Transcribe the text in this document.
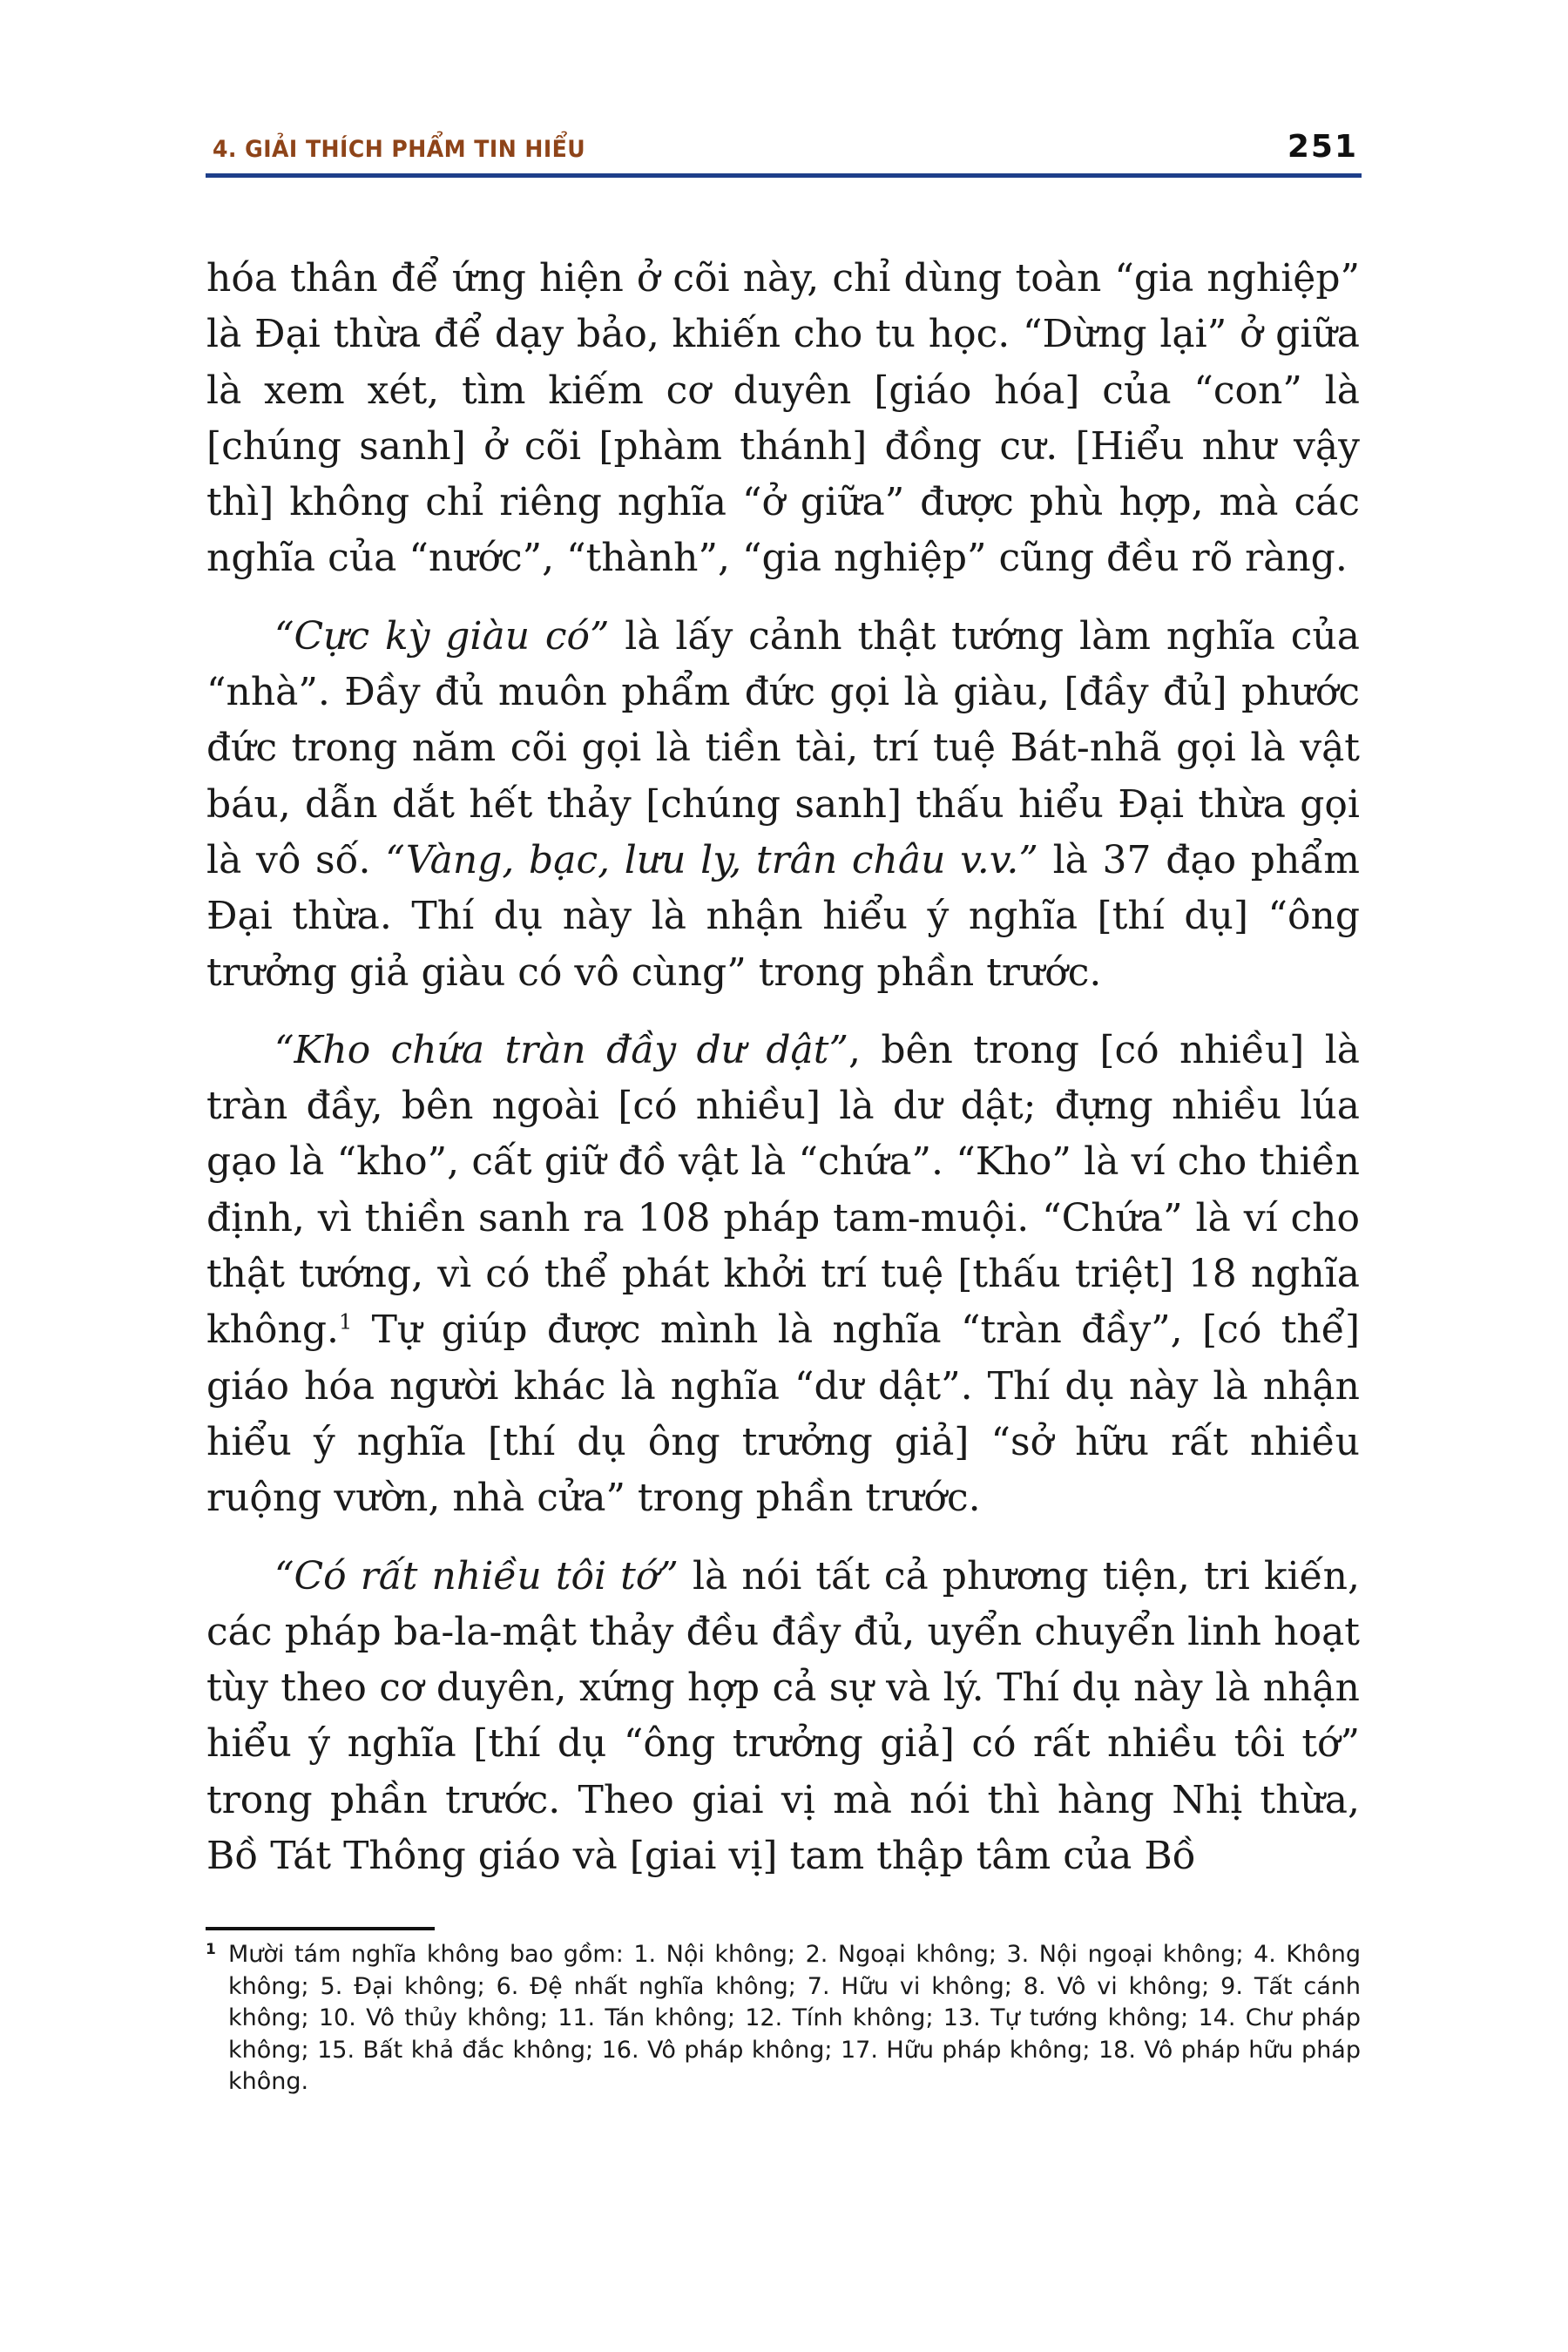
4. GIẢI THÍCH PHẨM TIN HIỂU	251

hóa thân để ứng hiện ở cõi này, chỉ dùng toàn “gia nghiệp” là Đại thừa để dạy bảo, khiến cho tu học. “Dừng lại” ở giữa là xem xét, tìm kiếm cơ duyên [giáo hóa] của “con” là [chúng sanh] ở cõi [phàm thánh] đồng cư. [Hiểu như vậy thì] không chỉ riêng nghĩa “ở giữa” được phù hợp, mà các nghĩa của “nước”, “thành”, “gia nghiệp” cũng đều rõ ràng.

“Cực kỳ giàu có” là lấy cảnh thật tướng làm nghĩa của “nhà”. Đầy đủ muôn phẩm đức gọi là giàu, [đầy đủ] phước đức trong năm cõi gọi là tiền tài, trí tuệ Bát-nhã gọi là vật báu, dẫn dắt hết thảy [chúng sanh] thấu hiểu Đại thừa gọi là vô số. “Vàng, bạc, lưu ly, trân châu v.v.” là 37 đạo phẩm Đại thừa. Thí dụ này là nhận hiểu ý nghĩa [thí dụ] “ông trưởng giả giàu có vô cùng” trong phần trước.

“Kho chứa tràn đầy dư dật”, bên trong [có nhiều] là tràn đầy, bên ngoài [có nhiều] là dư dật; đựng nhiều lúa gạo là “kho”, cất giữ đồ vật là “chứa”. “Kho” là ví cho thiền định, vì thiền sanh ra 108 pháp tam-muội. “Chứa” là ví cho thật tướng, vì có thể phát khởi trí tuệ [thấu triệt] 18 nghĩa không.$^1$ Tự giúp được mình là nghĩa “tràn đầy”, [có thể] giáo hóa người khác là nghĩa “dư dật”. Thí dụ này là nhận hiểu ý nghĩa [thí dụ ông trưởng giả] “sở hữu rất nhiều ruộng vườn, nhà cửa” trong phần trước.

“Có rất nhiều tôi tớ” là nói tất cả phương tiện, tri kiến, các pháp ba-la-mật thảy đều đầy đủ, uyển chuyển linh hoạt tùy theo cơ duyên, xứng hợp cả sự và lý. Thí dụ này là nhận hiểu ý nghĩa [thí dụ “ông trưởng giả] có rất nhiều tôi tớ” trong phần trước. Theo giai vị mà nói thì hàng Nhị thừa, Bồ Tát Thông giáo và [giai vị] tam thập tâm của Bồ

1 Mười tám nghĩa không bao gồm: 1. Nội không; 2. Ngoại không; 3. Nội ngoại không; 4. Không không; 5. Đại không; 6. Đệ nhất nghĩa không; 7. Hữu vi không; 8. Vô vi không; 9. Tất cánh không; 10. Vô thủy không; 11. Tán không; 12. Tính không; 13. Tự tướng không; 14. Chư pháp không; 15. Bất khả đắc không; 16. Vô pháp không; 17. Hữu pháp không; 18. Vô pháp hữu pháp không.
